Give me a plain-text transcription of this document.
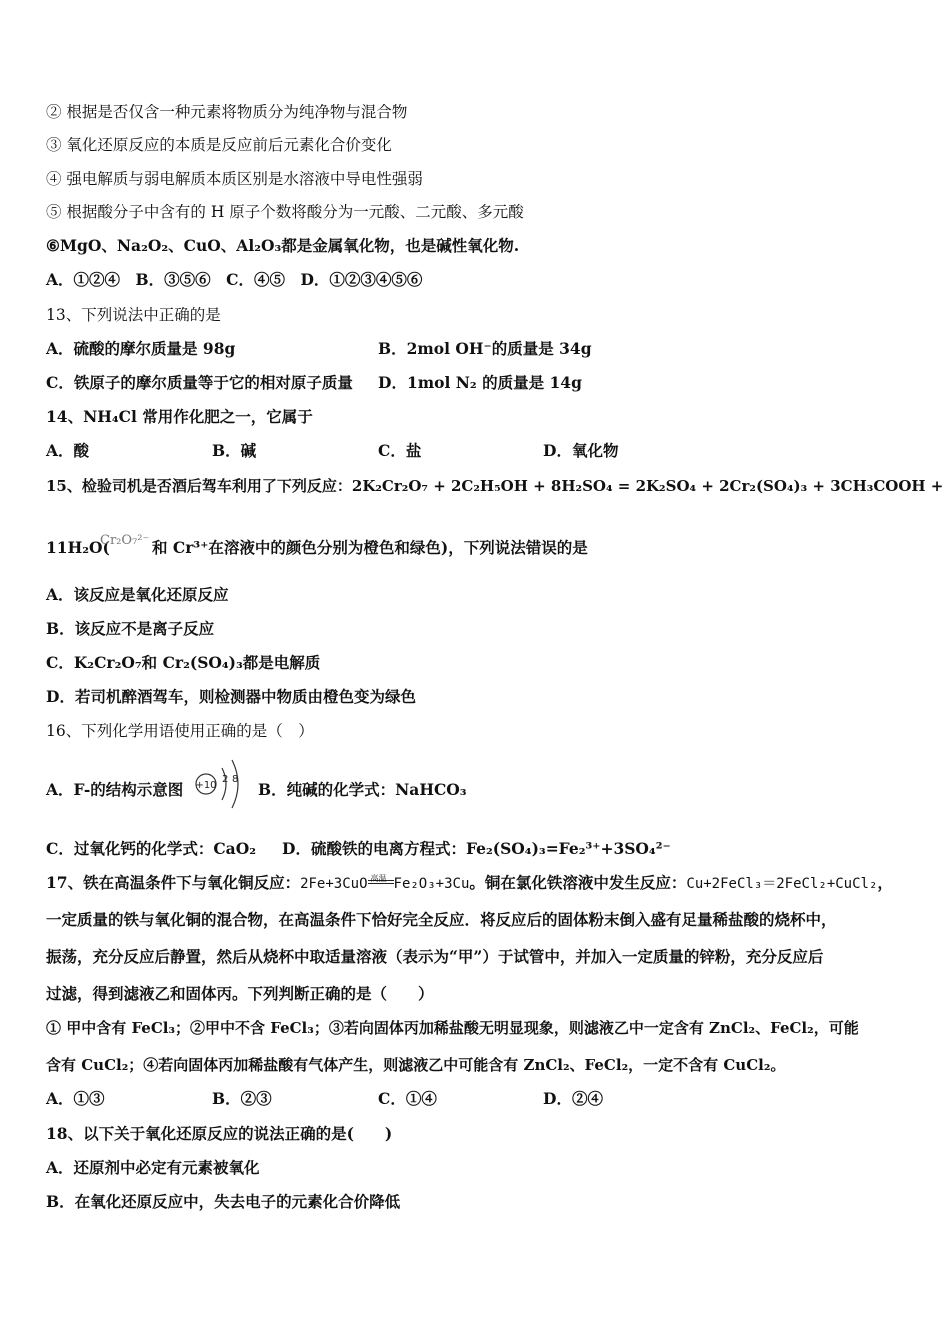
② 根据是否仅含一种元素将物质分为纯净物与混合物
③ 氧化还原反应的本质是反应前后元素化合价变化
④ 强电解质与弱电解质本质区别是水溶液中导电性强弱
⑤ 根据酸分子中含有的 H 原子个数将酸分为一元酸、二元酸、多元酸
⑥MgO、Na₂O₂、CuO、Al₂O₃都是金属氧化物，也是碱性氧化物.
A．①②④　B．③⑤⑥　C．④⑤　D．①②③④⑤⑥
13、下列说法中正确的是
A．硫酸的摩尔质量是 98g	B．2mol OH⁻的质量是 34g
C．铁原子的摩尔质量等于它的相对原子质量 D．1mol N₂ 的质量是 14g
14、NH₄Cl 常用作化肥之一，它属于
A．酸	B．碱	C．盐	D．氧化物
15、检验司机是否酒后驾车利用了下列反应：2K₂Cr₂O₇ + 2C₂H₅OH + 8H₂SO₄ = 2K₂SO₄ + 2Cr₂(SO₄)₃ + 3CH₃COOH +
11H₂O(
Cr₂O₇²⁻ 和 Cr³⁺在溶液中的颜色分别为橙色和绿色)，下列说法错误的是
A．该反应是氧化还原反应
B．该反应不是离子反应
C．K₂Cr₂O₇和 Cr₂(SO₄)₃都是电解质
D．若司机醉酒驾车，则检测器中物质由橙色变为绿色
16、下列化学用语使用正确的是（　）
A．F-的结构示意图 +10
2 8
B．纯碱的化学式：NaHCO₃
C．过氧化钙的化学式：CaO₂ D．硫酸铁的电离方程式：Fe₂(SO₄)₃=Fe₂³⁺+3SO₄²⁻
17、铁在高温条件下与氧化铜反应：2Fe+3CuO 高温 Fe₂O₃+3Cu。铜在氯化铁溶液中发生反应：Cu+2FeCl₃＝2FeCl₂+CuCl₂，
一定质量的铁与氧化铜的混合物，在高温条件下恰好完全反应．将反应后的固体粉末倒入盛有足量稀盐酸的烧杯中，
振荡，充分反应后静置，然后从烧杯中取适量溶液（表示为“甲”）于试管中，并加入一定质量的锌粉，充分反应后
过滤，得到滤液乙和固体丙。下列判断正确的是（　　）
① 甲中含有 FeCl₃；②甲中不含 FeCl₃；③若向固体丙加稀盐酸无明显现象，则滤液乙中一定含有 ZnCl₂、FeCl₂，可能
含有 CuCl₂；④若向固体丙加稀盐酸有气体产生，则滤液乙中可能含有 ZnCl₂、FeCl₂，一定不含有 CuCl₂。
A．①③	B．②③	C．①④	D．②④
18、以下关于氧化还原反应的说法正确的是(　　)
A．还原剂中必定有元素被氧化
B．在氧化还原反应中，失去电子的元素化合价降低
